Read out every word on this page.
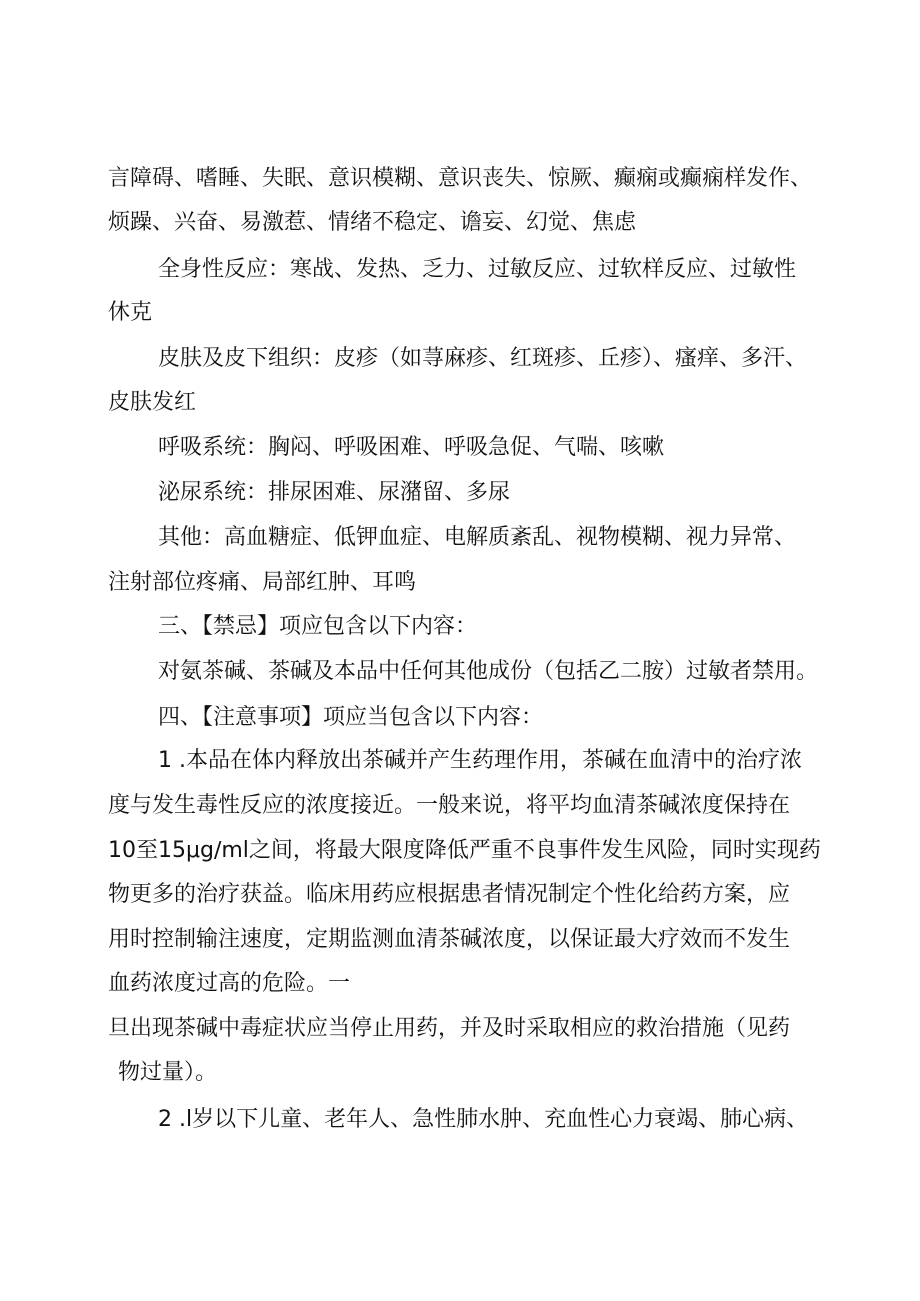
言障碍、嗜睡、失眠、意识模糊、意识丧失、惊厥、癫痫或癫痫样发作、
烦躁、兴奋、易激惹、情绪不稳定、谵妄、幻觉、焦虑
全身性反应：寒战、发热、乏力、过敏反应、过软样反应、过敏性
休克
皮肤及皮下组织：皮疹（如荨麻疹、红斑疹、丘疹）、瘙痒、多汗、
皮肤发红
呼吸系统：胸闷、呼吸困难、呼吸急促、气喘、咳嗽
泌尿系统：排尿困难、尿潴留、多尿
其他：高血糖症、低钾血症、电解质紊乱、视物模糊、视力异常、
注射部位疼痛、局部红肿、耳鸣
三、【禁忌】项应包含以下内容：
对氨茶碱、茶碱及本品中任何其他成份（包括乙二胺）过敏者禁用。
四、【注意事项】项应当包含以下内容：
1 .本品在体内释放出茶碱并产生药理作用，茶碱在血清中的治疗浓
度与发生毒性反应的浓度接近。一般来说，将平均血清茶碱浓度保持在
10至15μg∕ml之间，将最大限度降低严重不良事件发生风险，同时实现药
物更多的治疗获益。临床用药应根据患者情况制定个性化给药方案，应
用时控制输注速度，定期监测血清茶碱浓度，以保证最大疗效而不发生
血药浓度过高的危险。一
旦出现茶碱中毒症状应当停止用药，并及时采取相应的救治措施（见药
物过量）。
2 .l岁以下儿童、老年人、急性肺水肿、充血性心力衰竭、肺心病、
